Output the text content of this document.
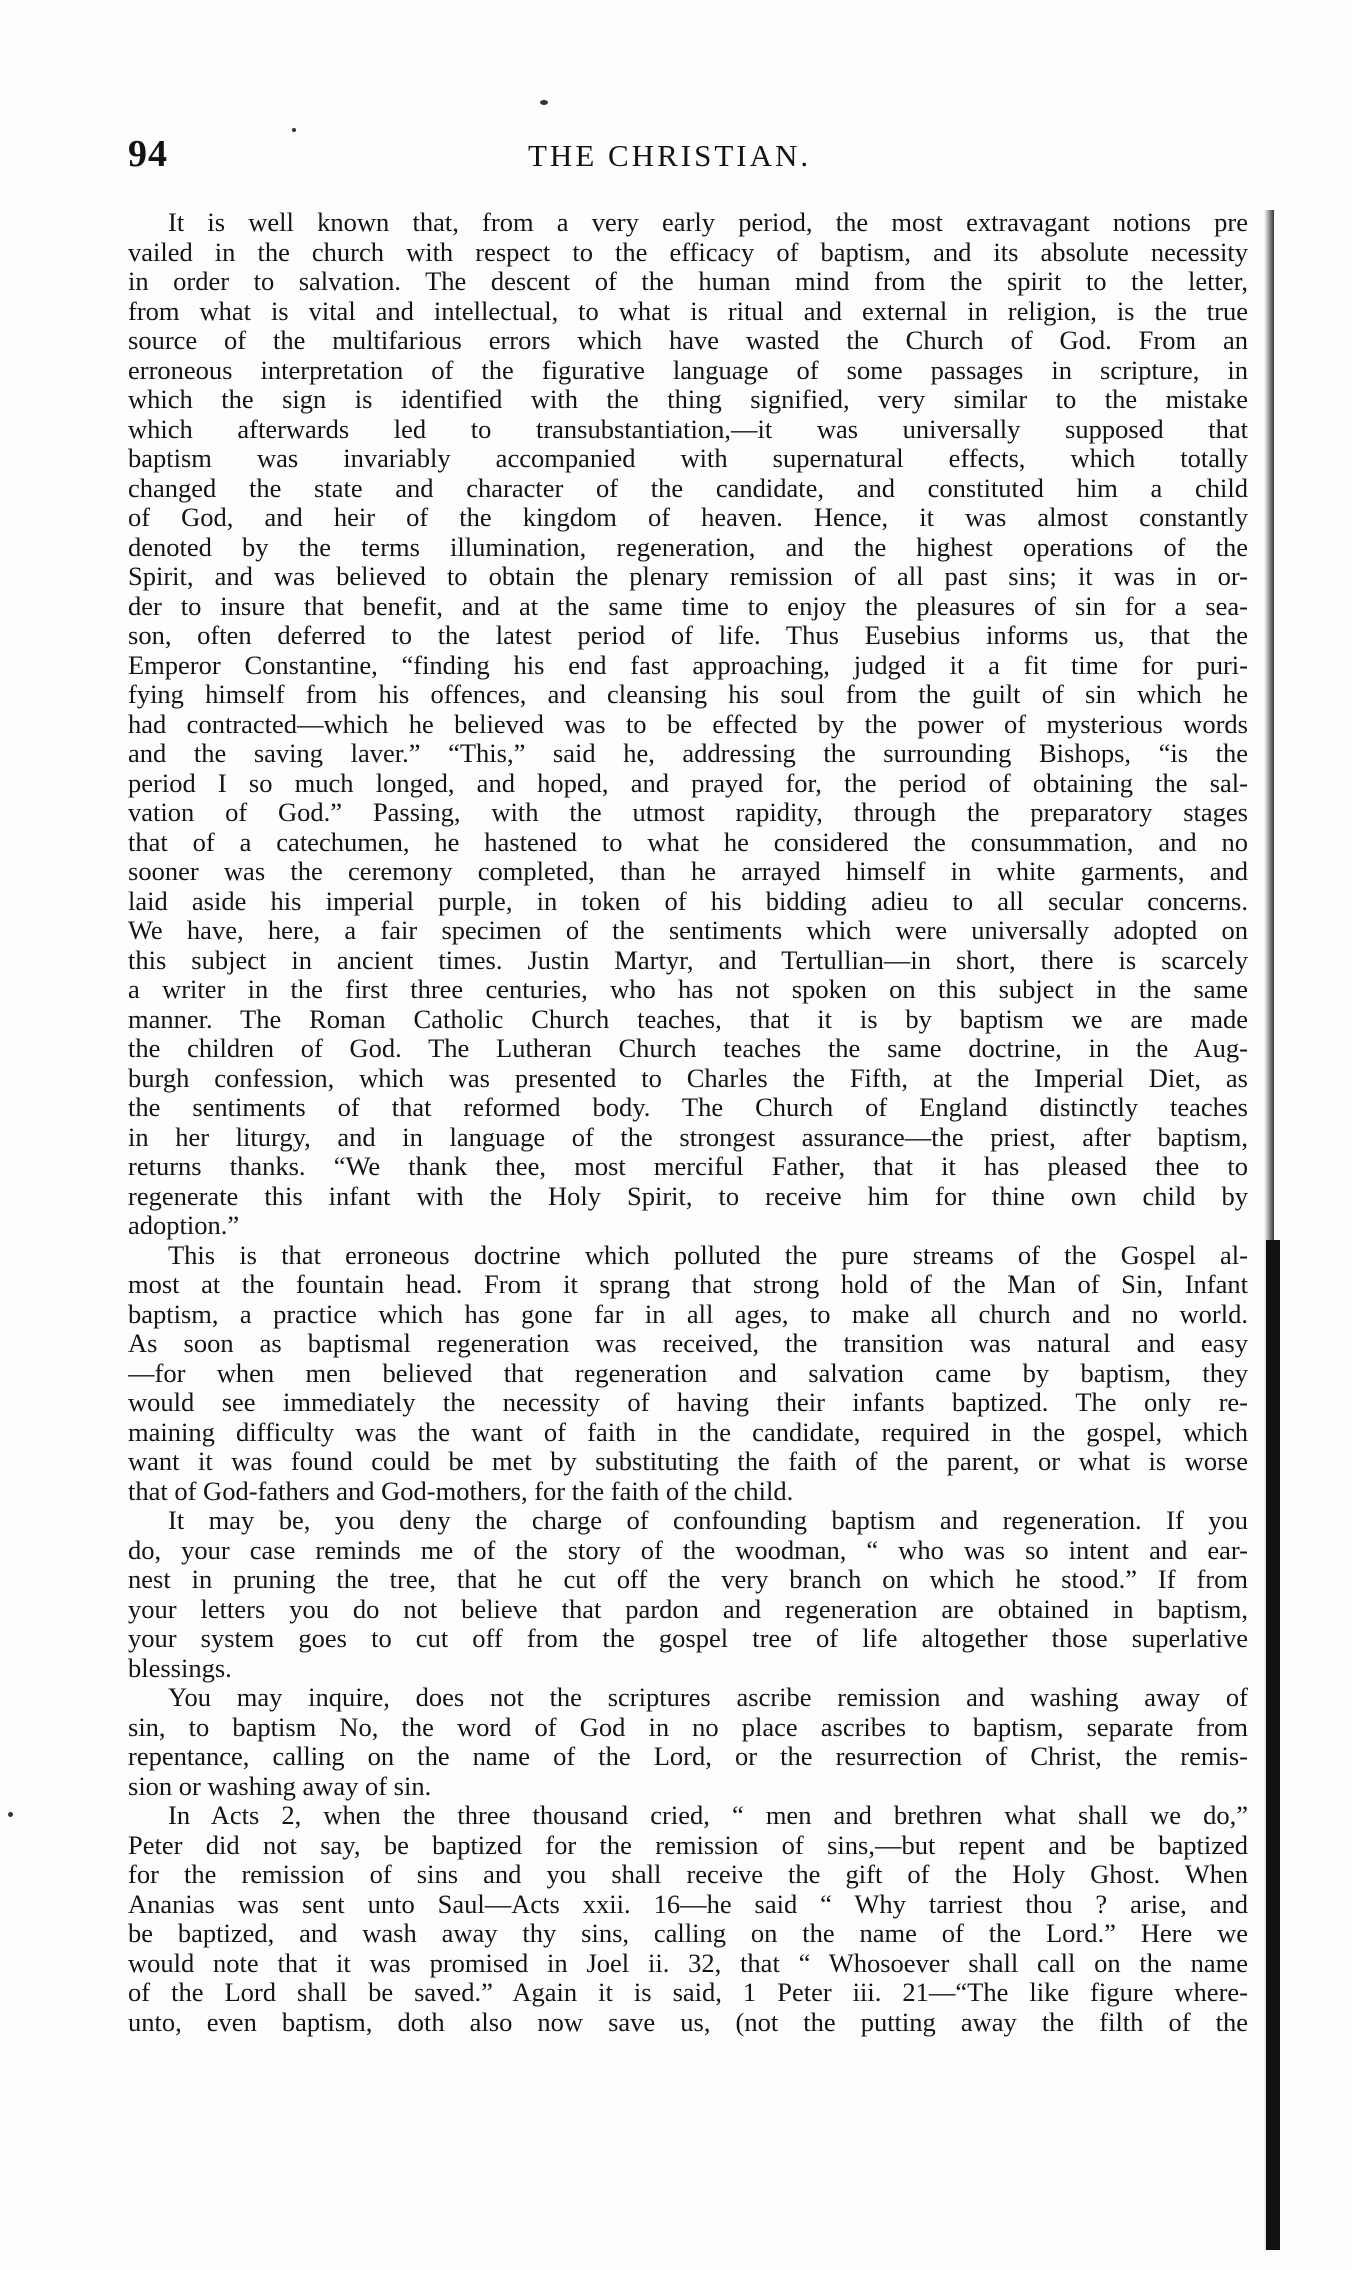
94	THE CHRISTIAN.
It is well known that, from a very early period, the most extravagant notions pre
vailed in the church with respect to the efficacy of baptism, and its absolute necessity
in order to salvation. The descent of the human mind from the spirit to the letter,
from what is vital and intellectual, to what is ritual and external in religion, is the true
source of the multifarious errors which have wasted the Church of God. From an
erroneous interpretation of the figurative language of some passages in scripture, in
which the sign is identified with the thing signified, very similar to the mistake
which afterwards led to transubstantiation,—it was universally supposed that
baptism was invariably accompanied with supernatural effects, which totally
changed the state and character of the candidate, and constituted him a child
of God, and heir of the kingdom of heaven. Hence, it was almost constantly
denoted by the terms illumination, regeneration, and the highest operations of the
Spirit, and was believed to obtain the plenary remission of all past sins; it was in or-
der to insure that benefit, and at the same time to enjoy the pleasures of sin for a sea-
son, often deferred to the latest period of life. Thus Eusebius informs us, that the
Emperor Constantine, “finding his end fast approaching, judged it a fit time for puri-
fying himself from his offences, and cleansing his soul from the guilt of sin which he
had contracted—which he believed was to be effected by the power of mysterious words
and the saving laver.” “This,” said he, addressing the surrounding Bishops, “is the
period I so much longed, and hoped, and prayed for, the period of obtaining the sal-
vation of God.” Passing, with the utmost rapidity, through the preparatory stages
that of a catechumen, he hastened to what he considered the consummation, and no
sooner was the ceremony completed, than he arrayed himself in white garments, and
laid aside his imperial purple, in token of his bidding adieu to all secular concerns.
We have, here, a fair specimen of the sentiments which were universally adopted on
this subject in ancient times. Justin Martyr, and Tertullian—in short, there is scarcely
a writer in the first three centuries, who has not spoken on this subject in the same
manner. The Roman Catholic Church teaches, that it is by baptism we are made
the children of God. The Lutheran Church teaches the same doctrine, in the Aug-
burgh confession, which was presented to Charles the Fifth, at the Imperial Diet, as
the sentiments of that reformed body. The Church of England distinctly teaches
in her liturgy, and in language of the strongest assurance—the priest, after baptism,
returns thanks. “We thank thee, most merciful Father, that it has pleased thee to
regenerate this infant with the Holy Spirit, to receive him for thine own child by
adoption.”
This is that erroneous doctrine which polluted the pure streams of the Gospel al-
most at the fountain head. From it sprang that strong hold of the Man of Sin, Infant
baptism, a practice which has gone far in all ages, to make all church and no world.
As soon as baptismal regeneration was received, the transition was natural and easy
—for when men believed that regeneration and salvation came by baptism, they
would see immediately the necessity of having their infants baptized. The only re-
maining difficulty was the want of faith in the candidate, required in the gospel, which
want it was found could be met by substituting the faith of the parent, or what is worse
that of God-fathers and God-mothers, for the faith of the child.
It may be, you deny the charge of confounding baptism and regeneration. If you
do, your case reminds me of the story of the woodman, “ who was so intent and ear-
nest in pruning the tree, that he cut off the very branch on which he stood.” If from
your letters you do not believe that pardon and regeneration are obtained in baptism,
your system goes to cut off from the gospel tree of life altogether those superlative
blessings.
You may inquire, does not the scriptures ascribe remission and washing away of
sin, to baptism No, the word of God in no place ascribes to baptism, separate from
repentance, calling on the name of the Lord, or the resurrection of Christ, the remis-
sion or washing away of sin.
In Acts 2, when the three thousand cried, “ men and brethren what shall we do,”
Peter did not say, be baptized for the remission of sins,—but repent and be baptized
for the remission of sins and you shall receive the gift of the Holy Ghost. When
Ananias was sent unto Saul—Acts xxii. 16—he said “ Why tarriest thou ? arise, and
be baptized, and wash away thy sins, calling on the name of the Lord.” Here we
would note that it was promised in Joel ii. 32, that “ Whosoever shall call on the name
of the Lord shall be saved.” Again it is said, 1 Peter iii. 21—“The like figure where-
unto, even baptism, doth also now save us, (not the putting away the filth of the
